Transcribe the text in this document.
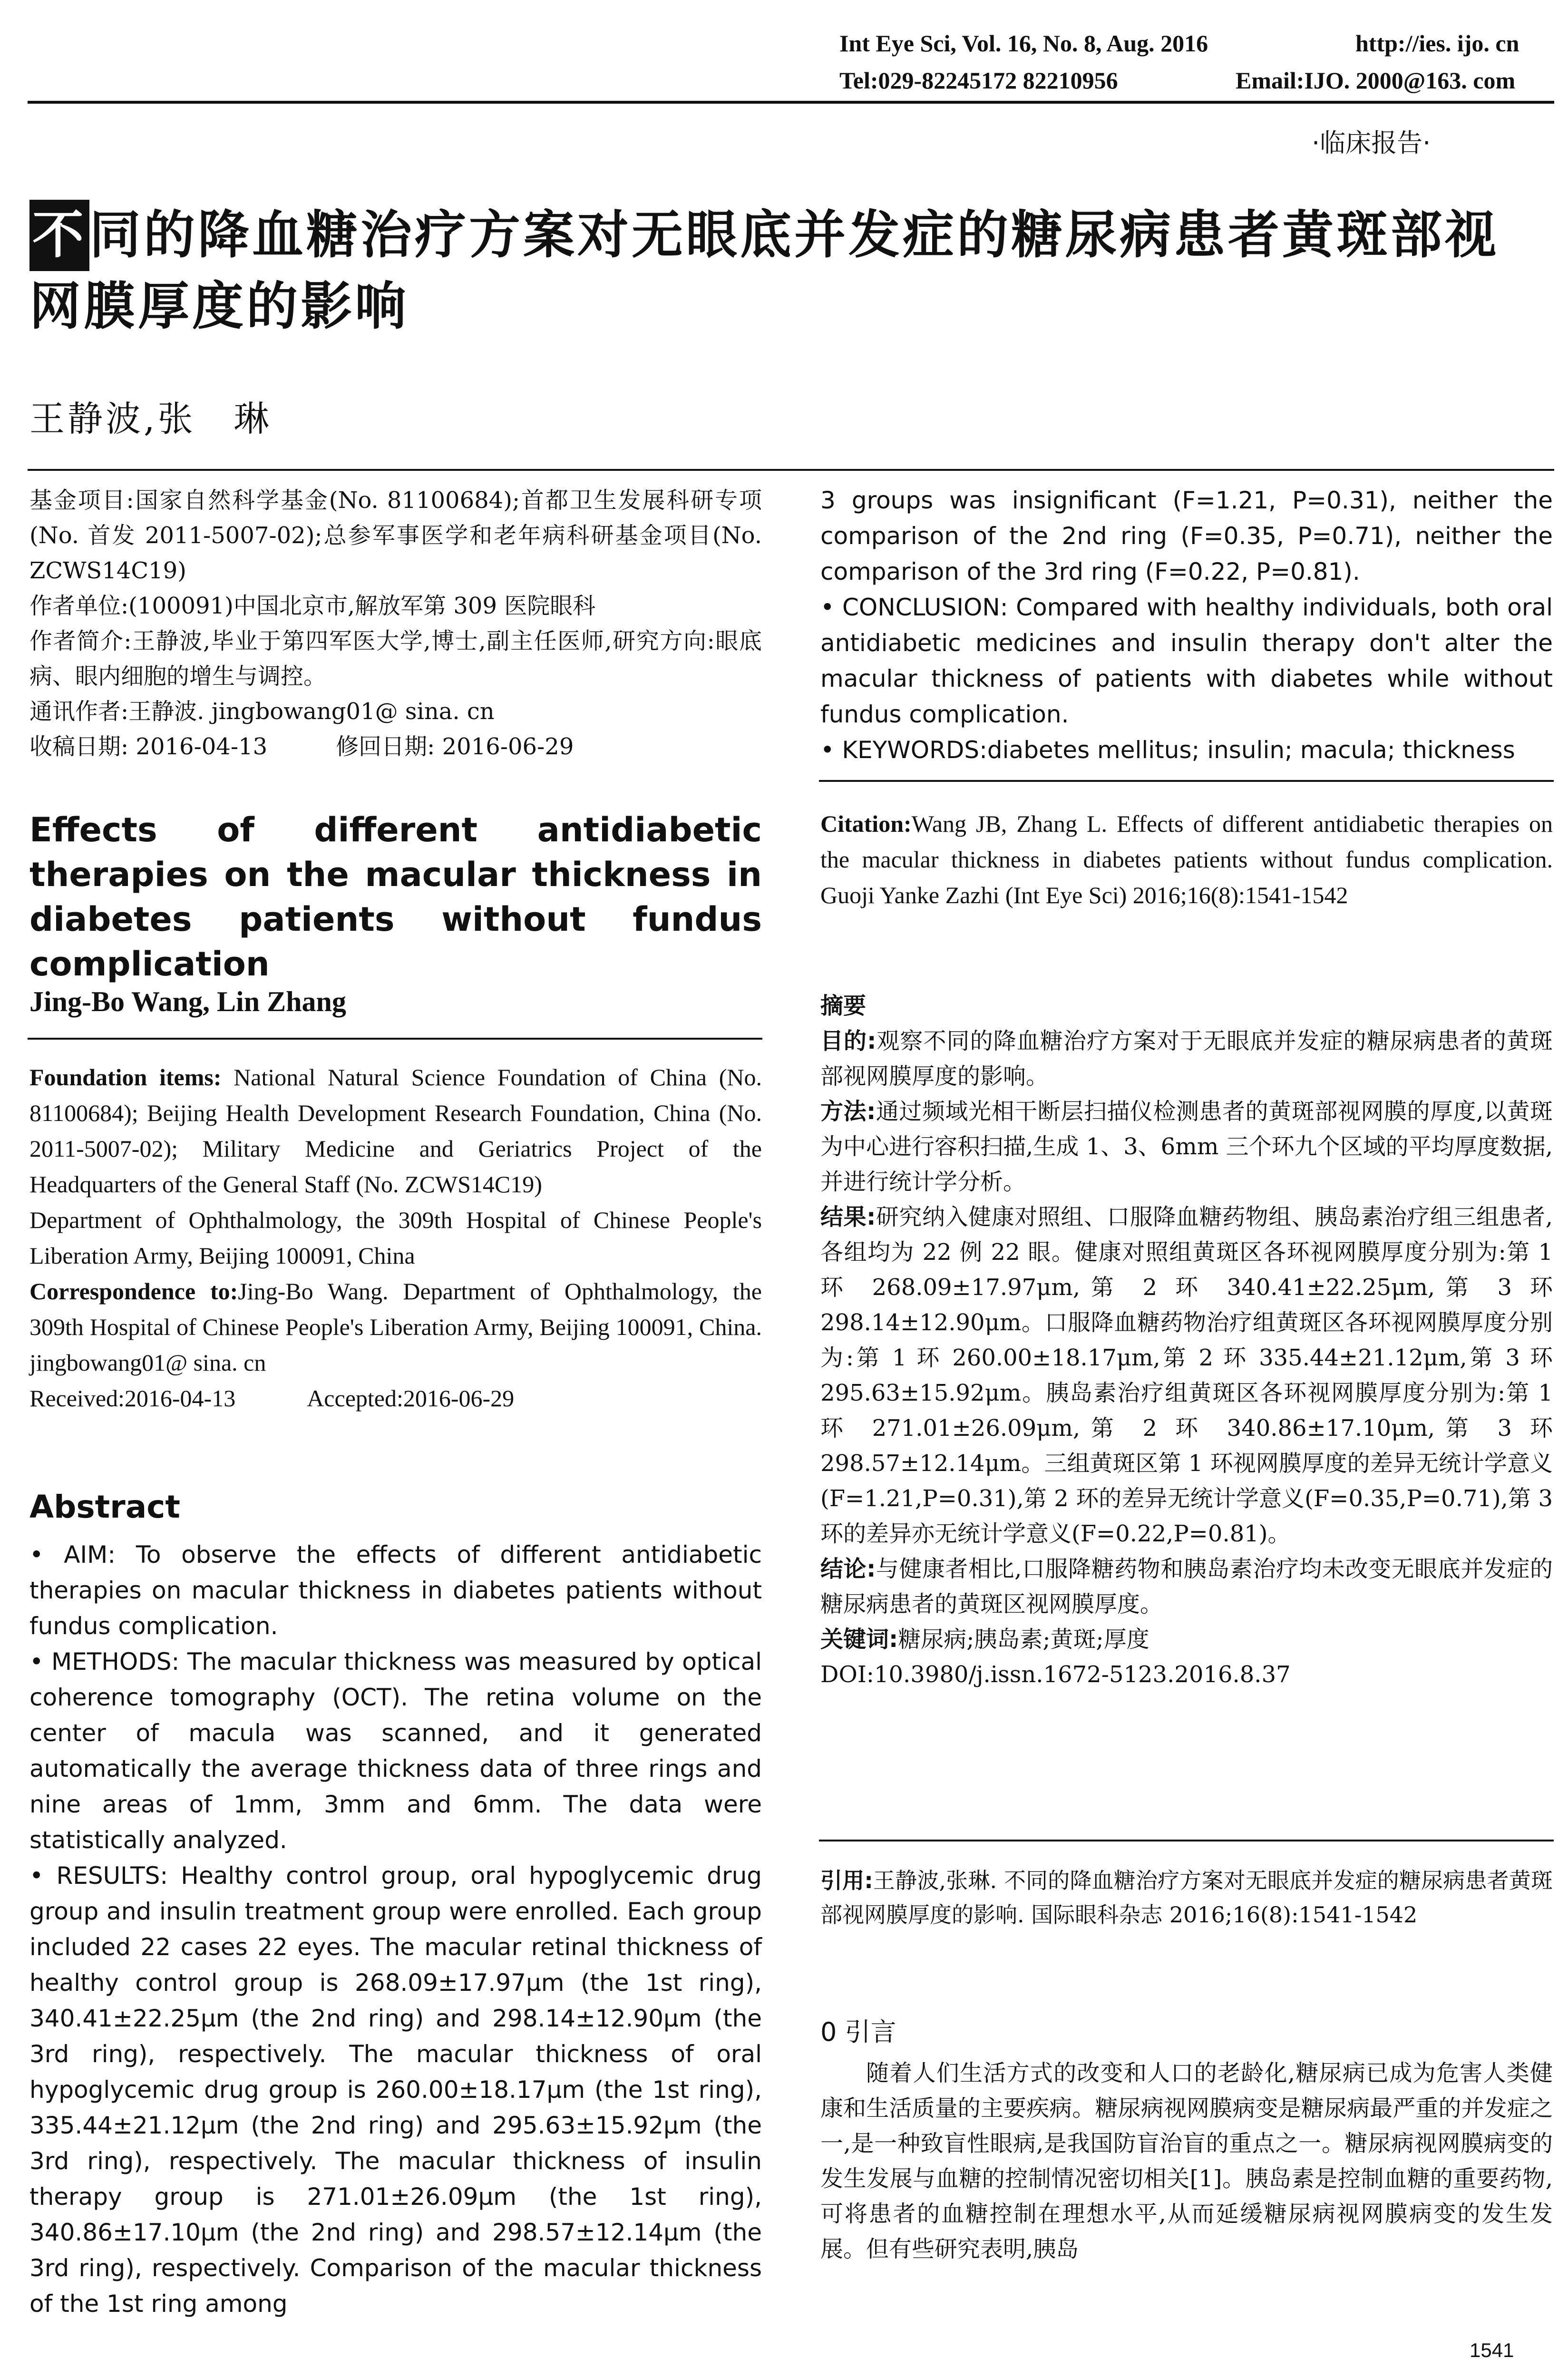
Int Eye Sci, Vol. 16, No. 8, Aug. 2016	http://ies. ijo. cn
Tel:029-82245172 82210956	Email:IJO. 2000@163. com
·临床报告·
不同的降血糖治疗方案对无眼底并发症的糖尿病患者黄斑部视网膜厚度的影响
王静波,张　琳

基金项目:国家自然科学基金(No. 81100684);首都卫生发展科研专项(No. 首发 2011-5007-02);总参军事医学和老年病科研基金项目(No. ZCWS14C19)

作者单位:(100091)中国北京市,解放军第 309 医院眼科

作者简介:王静波,毕业于第四军医大学,博士,副主任医师,研究方向:眼底病、眼内细胞的增生与调控。

通讯作者:王静波. jingbowang01@ sina. cn

收稿日期: 2016-04-13　　　修回日期: 2016-06-29

Effects of different antidiabetic therapies on the macular thickness in diabetes patients without fundus complication
Jing-Bo Wang, Lin Zhang

Foundation items: National Natural Science Foundation of China (No. 81100684); Beijing Health Development Research Foundation, China (No. 2011-5007-02); Military Medicine and Geriatrics Project of the Headquarters of the General Staff (No. ZCWS14C19)

Department of Ophthalmology, the 309th Hospital of Chinese People's Liberation Army, Beijing 100091, China

Correspondence to:Jing-Bo Wang. Department of Ophthalmology, the 309th Hospital of Chinese People's Liberation Army, Beijing 100091, China. jingbowang01@ sina. cn

Received:2016-04-13　　　Accepted:2016-06-29

Abstract

• AIM: To observe the effects of different antidiabetic therapies on macular thickness in diabetes patients without fundus complication.

• METHODS: The macular thickness was measured by optical coherence tomography (OCT). The retina volume on the center of macula was scanned, and it generated automatically the average thickness data of three rings and nine areas of 1mm, 3mm and 6mm. The data were statistically analyzed.

• RESULTS: Healthy control group, oral hypoglycemic drug group and insulin treatment group were enrolled. Each group included 22 cases 22 eyes. The macular retinal thickness of healthy control group is 268.09±17.97μm (the 1st ring), 340.41±22.25μm (the 2nd ring) and 298.14±12.90μm (the 3rd ring), respectively. The macular thickness of oral hypoglycemic drug group is 260.00±18.17μm (the 1st ring), 335.44±21.12μm (the 2nd ring) and 295.63±15.92μm (the 3rd ring), respectively. The macular thickness of insulin therapy group is 271.01±26.09μm (the 1st ring), 340.86±17.10μm (the 2nd ring) and 298.57±12.14μm (the 3rd ring), respectively. Comparison of the macular thickness of the 1st ring among

3 groups was insignificant (F=1.21, P=0.31), neither the comparison of the 2nd ring (F=0.35, P=0.71), neither the comparison of the 3rd ring (F=0.22, P=0.81).

• CONCLUSION: Compared with healthy individuals, both oral antidiabetic medicines and insulin therapy don't alter the macular thickness of patients with diabetes while without fundus complication.

• KEYWORDS:diabetes mellitus; insulin; macula; thickness

Citation:Wang JB, Zhang L. Effects of different antidiabetic therapies on the macular thickness in diabetes patients without fundus complication. Guoji Yanke Zazhi (Int Eye Sci) 2016;16(8):1541-1542

摘要

目的:观察不同的降血糖治疗方案对于无眼底并发症的糖尿病患者的黄斑部视网膜厚度的影响。

方法:通过频域光相干断层扫描仪检测患者的黄斑部视网膜的厚度,以黄斑为中心进行容积扫描,生成 1、3、6mm 三个环九个区域的平均厚度数据,并进行统计学分析。

结果:研究纳入健康对照组、口服降血糖药物组、胰岛素治疗组三组患者,各组均为 22 例 22 眼。健康对照组黄斑区各环视网膜厚度分别为:第 1 环 268.09±17.97μm,第 2 环 340.41±22.25μm,第 3 环 298.14±12.90μm。口服降血糖药物治疗组黄斑区各环视网膜厚度分别为:第 1 环 260.00±18.17μm,第 2 环 335.44±21.12μm,第 3 环 295.63±15.92μm。胰岛素治疗组黄斑区各环视网膜厚度分别为:第 1 环 271.01±26.09μm,第 2 环 340.86±17.10μm,第 3 环 298.57±12.14μm。三组黄斑区第 1 环视网膜厚度的差异无统计学意义(F=1.21,P=0.31),第 2 环的差异无统计学意义(F=0.35,P=0.71),第 3 环的差异亦无统计学意义(F=0.22,P=0.81)。

结论:与健康者相比,口服降糖药物和胰岛素治疗均未改变无眼底并发症的糖尿病患者的黄斑区视网膜厚度。

关键词:糖尿病;胰岛素;黄斑;厚度

DOI:10.3980/j.issn.1672-5123.2016.8.37

引用:王静波,张琳. 不同的降血糖治疗方案对无眼底并发症的糖尿病患者黄斑部视网膜厚度的影响. 国际眼科杂志 2016;16(8):1541-1542

0 引言

随着人们生活方式的改变和人口的老龄化,糖尿病已成为危害人类健康和生活质量的主要疾病。糖尿病视网膜病变是糖尿病最严重的并发症之一,是一种致盲性眼病,是我国防盲治盲的重点之一。糖尿病视网膜病变的发生发展与血糖的控制情况密切相关[1]。胰岛素是控制血糖的重要药物,可将患者的血糖控制在理想水平,从而延缓糖尿病视网膜病变的发生发展。但有些研究表明,胰岛

1541
